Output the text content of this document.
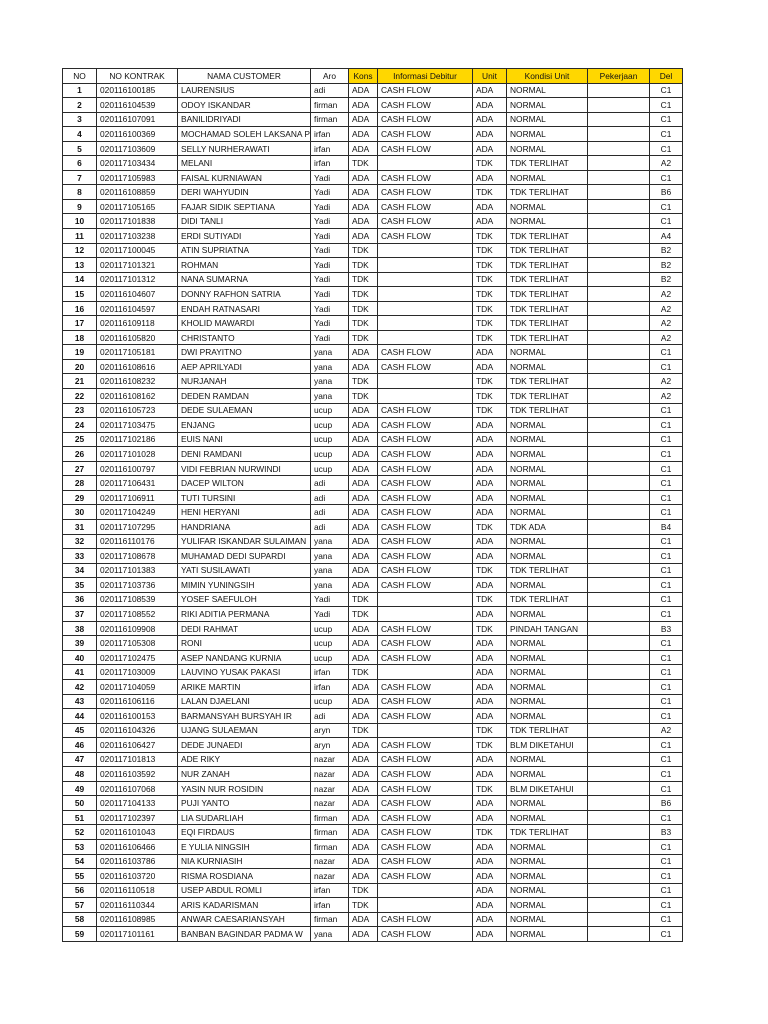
NO	NO KONTRAK	NAMA CUSTOMER	Aro	Kons	Informasi Debitur	Unit	Kondisi Unit	Pekerjaan	Del
1	020116100185	LAURENSIUS	adi	ADA	CASH FLOW	ADA	NORMAL		C1
2	020116104539	ODOY ISKANDAR	firman	ADA	CASH FLOW	ADA	NORMAL		C1
3	020116107091	BANILIDRIYADI	firman	ADA	CASH FLOW	ADA	NORMAL		C1
4	020116100369	MOCHAMAD SOLEH LAKSANA P	irfan	ADA	CASH FLOW	ADA	NORMAL		C1
5	020117103609	SELLY NURHERAWATI	irfan	ADA	CASH FLOW	ADA	NORMAL		C1
6	020117103434	MELANI	irfan	TDK		TDK	TDK TERLIHAT		A2
7	020117105983	FAISAL KURNIAWAN	Yadi	ADA	CASH FLOW	ADA	NORMAL		C1
8	020116108859	DERI WAHYUDIN	Yadi	ADA	CASH FLOW	TDK	TDK TERLIHAT		B6
9	020117105165	FAJAR SIDIK SEPTIANA	Yadi	ADA	CASH FLOW	ADA	NORMAL		C1
10	020117101838	DIDI TANLI	Yadi	ADA	CASH FLOW	ADA	NORMAL		C1
11	020117103238	ERDI SUTIYADI	Yadi	ADA	CASH FLOW	TDK	TDK TERLIHAT		A4
12	020117100045	ATIN SUPRIATNA	Yadi	TDK		TDK	TDK TERLIHAT		B2
13	020117101321	ROHMAN	Yadi	TDK		TDK	TDK TERLIHAT		B2
14	020117101312	NANA SUMARNA	Yadi	TDK		TDK	TDK TERLIHAT		B2
15	020116104607	DONNY RAFHON SATRIA	Yadi	TDK		TDK	TDK TERLIHAT		A2
16	020116104597	ENDAH RATNASARI	Yadi	TDK		TDK	TDK TERLIHAT		A2
17	020116109118	KHOLID MAWARDI	Yadi	TDK		TDK	TDK TERLIHAT		A2
18	020116105820	CHRISTANTO	Yadi	TDK		TDK	TDK TERLIHAT		A2
19	020117105181	DWI PRAYITNO	yana	ADA	CASH FLOW	ADA	NORMAL		C1
20	020116108616	AEP APRILYADI	yana	ADA	CASH FLOW	ADA	NORMAL		C1
21	020116108232	NURJANAH	yana	TDK		TDK	TDK TERLIHAT		A2
22	020116108162	DEDEN RAMDAN	yana	TDK		TDK	TDK TERLIHAT		A2
23	020116105723	DEDE SULAEMAN	ucup	ADA	CASH FLOW	TDK	TDK TERLIHAT		C1
24	020117103475	ENJANG	ucup	ADA	CASH FLOW	ADA	NORMAL		C1
25	020117102186	EUIS NANI	ucup	ADA	CASH FLOW	ADA	NORMAL		C1
26	020117101028	DENI RAMDANI	ucup	ADA	CASH FLOW	ADA	NORMAL		C1
27	020116100797	VIDI FEBRIAN NURWINDI	ucup	ADA	CASH FLOW	ADA	NORMAL		C1
28	020117106431	DACEP WILTON	adi	ADA	CASH FLOW	ADA	NORMAL		C1
29	020117106911	TUTI TURSINI	adi	ADA	CASH FLOW	ADA	NORMAL		C1
30	020117104249	HENI HERYANI	adi	ADA	CASH FLOW	ADA	NORMAL		C1
31	020117107295	HANDRIANA	adi	ADA	CASH FLOW	TDK	TDK ADA		B4
32	020116110176	YULIFAR ISKANDAR SULAIMAN	yana	ADA	CASH FLOW	ADA	NORMAL		C1
33	020117108678	MUHAMAD DEDI SUPARDI	yana	ADA	CASH FLOW	ADA	NORMAL		C1
34	020117101383	YATI SUSILAWATI	yana	ADA	CASH FLOW	TDK	TDK TERLIHAT		C1
35	020117103736	MIMIN YUNINGSIH	yana	ADA	CASH FLOW	ADA	NORMAL		C1
36	020117108539	YOSEF SAEFULOH	Yadi	TDK		TDK	TDK TERLIHAT		C1
37	020117108552	RIKI ADITIA PERMANA	Yadi	TDK		ADA	NORMAL		C1
38	020116109908	DEDI RAHMAT	ucup	ADA	CASH FLOW	TDK	PINDAH TANGAN		B3
39	020117105308	RONI	ucup	ADA	CASH FLOW	ADA	NORMAL		C1
40	020117102475	ASEP NANDANG KURNIA	ucup	ADA	CASH FLOW	ADA	NORMAL		C1
41	020117103009	LAUVINO YUSAK PAKASI	irfan	TDK		ADA	NORMAL		C1
42	020117104059	ARIKE MARTIN	irfan	ADA	CASH FLOW	ADA	NORMAL		C1
43	020116106116	LALAN DJAELANI	ucup	ADA	CASH FLOW	ADA	NORMAL		C1
44	020116100153	BARMANSYAH BURSYAH IR	adi	ADA	CASH FLOW	ADA	NORMAL		C1
45	020116104326	UJANG SULAEMAN	aryn	TDK		TDK	TDK TERLIHAT		A2
46	020116106427	DEDE JUNAEDI	aryn	ADA	CASH FLOW	TDK	BLM DIKETAHUI		C1
47	020117101813	ADE RIKY	nazar	ADA	CASH FLOW	ADA	NORMAL		C1
48	020116103592	NUR ZANAH	nazar	ADA	CASH FLOW	ADA	NORMAL		C1
49	020116107068	YASIN NUR ROSIDIN	nazar	ADA	CASH FLOW	TDK	BLM DIKETAHUI		C1
50	020117104133	PUJI YANTO	nazar	ADA	CASH FLOW	ADA	NORMAL		B6
51	020117102397	LIA SUDARLIAH	firman	ADA	CASH FLOW	ADA	NORMAL		C1
52	020116101043	EQI FIRDAUS	firman	ADA	CASH FLOW	TDK	TDK TERLIHAT		B3
53	020116106466	E YULIA NINGSIH	firman	ADA	CASH FLOW	ADA	NORMAL		C1
54	020116103786	NIA KURNIASIH	nazar	ADA	CASH FLOW	ADA	NORMAL		C1
55	020116103720	RISMA ROSDIANA	nazar	ADA	CASH FLOW	ADA	NORMAL		C1
56	020116110518	USEP ABDUL ROMLI	irfan	TDK		ADA	NORMAL		C1
57	020116110344	ARIS KADARISMAN	irfan	TDK		ADA	NORMAL		C1
58	020116108985	ANWAR CAESARIANSYAH	firman	ADA	CASH FLOW	ADA	NORMAL		C1
59	020117101161	BANBAN BAGINDAR PADMA W	yana	ADA	CASH FLOW	ADA	NORMAL		C1
